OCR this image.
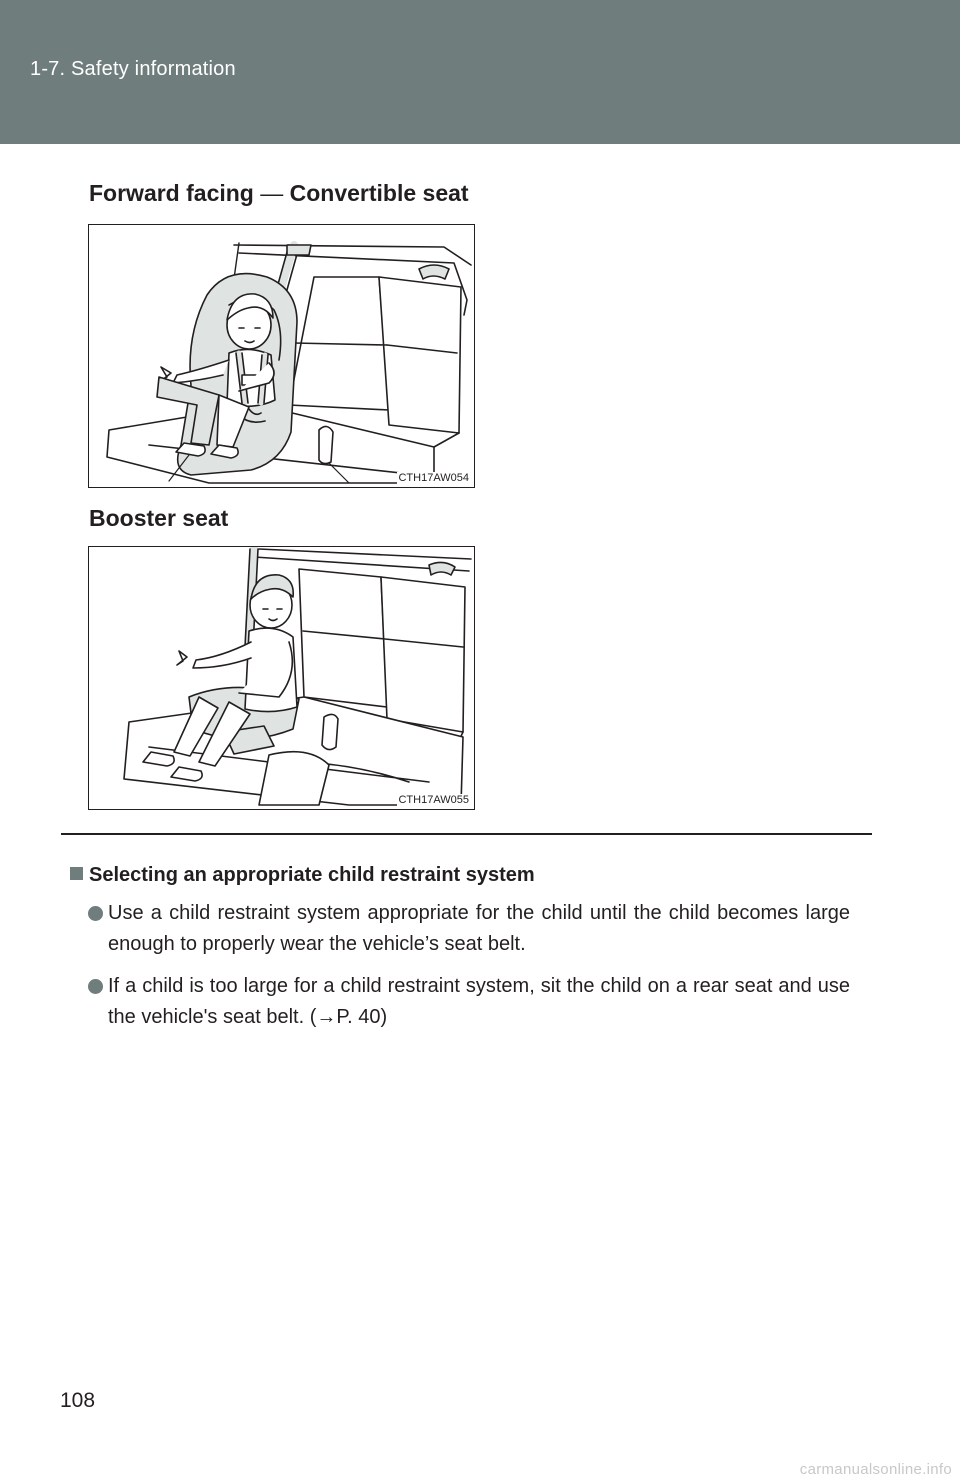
1-7. Safety information
Forward facing — Convertible seat
CTH17AW054
Booster seat
CTH17AW055
Selecting an appropriate child restraint system
Use a child restraint system appropriate for the child until the child becomes large enough to properly wear the vehicle’s seat belt.
If a child is too large for a child restraint system, sit the child on a rear seat and use the vehicle's seat belt. (→P. 40)
108
carmanualsonline.info
